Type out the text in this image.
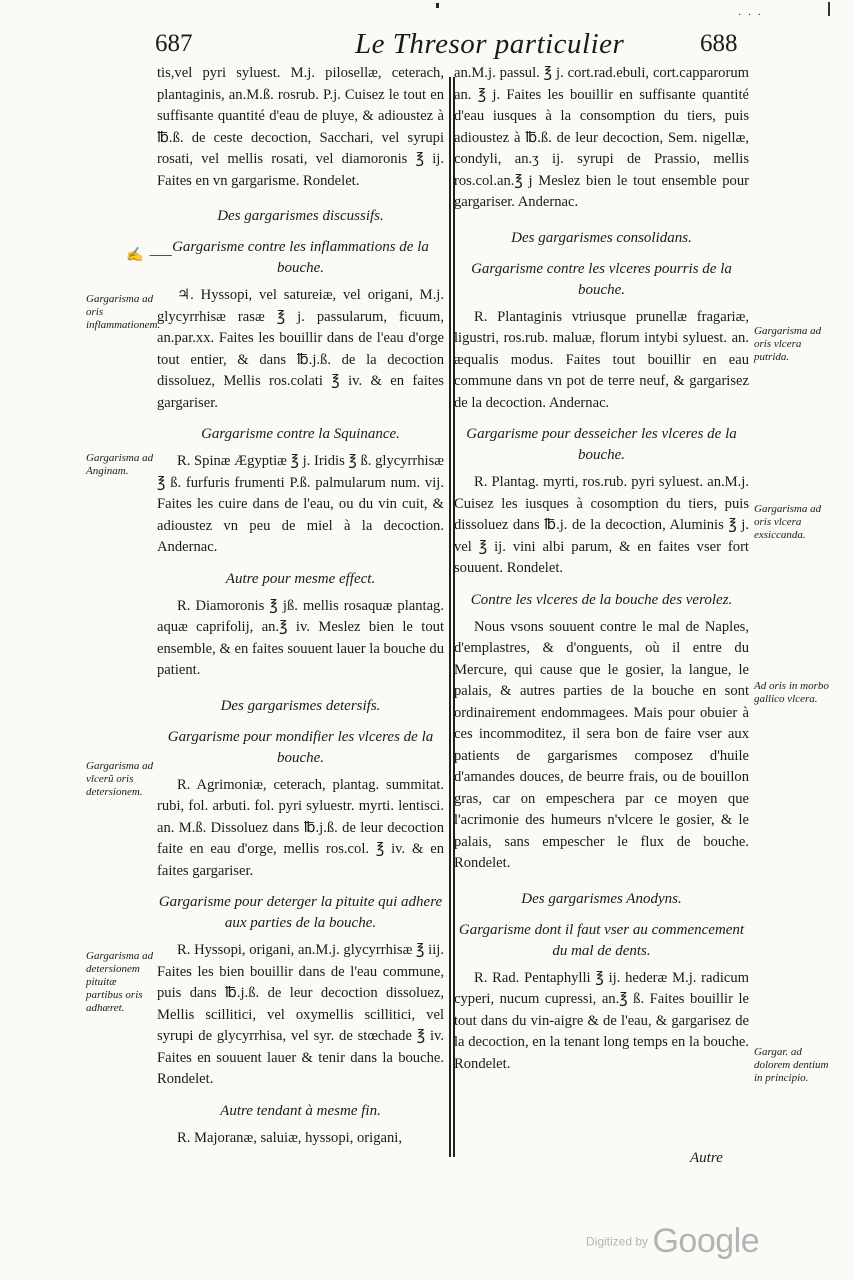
· · ·
687	Le Thresor particulier	688
✍ ⸺

tis,vel pyri syluest. M.j. pilosellæ, ceterach, plantaginis, an.M.ß. rosrub. P.j. Cuisez le tout en suffisante quantité d'eau de pluye, & adioustez à ℔.ß. de ceste decoction, Sacchari, vel syrupi rosati, vel mellis rosati, vel diamoronis ℥ ij. Faites en vn gargarisme. Rondelet.

Des gargarismes discussifs.
Gargarisme contre les inflammations de la bouche.

♃. Hyssopi, vel satureiæ, vel origani, M.j. glycyrrhisæ rasæ ℥ j. passularum, ficuum, an.par.xx. Faites les bouillir dans de l'eau d'orge tout entier, & dans ℔.j.ß. de la decoction dissoluez, Mellis ros.colati ℥ iv. & en faites gargariser.

Gargarisme contre la Squinance.

R. Spinæ Ægyptiæ ℥ j. Iridis ℥ ß. glycyrrhisæ ℥ ß. furfuris frumenti P.ß. palmularum num. vij. Faites les cuire dans de l'eau, ou du vin cuit, & adioustez vn peu de miel à la decoction. Andernac.

Autre pour mesme effect.

R. Diamoronis ℥ jß. mellis rosaquæ plantag. aquæ caprifolij, an.℥ iv. Meslez bien le tout ensemble, & en faites souuent lauer la bouche du patient.

Des gargarismes detersifs.
Gargarisme pour mondifier les vlceres de la bouche.

R. Agrimoniæ, ceterach, plantag. summitat. rubi, fol. arbuti. fol. pyri syluestr. myrti. lentisci. an. M.ß. Dissoluez dans ℔.j.ß. de leur decoction faite en eau d'orge, mellis ros.col. ℥ iv. & en faites gargariser.

Gargarisme pour deterger la pituite qui adhere aux parties de la bouche.

R. Hyssopi, origani, an.M.j. glycyrrhisæ ℥ iij. Faites les bien bouillir dans de l'eau commune, puis dans ℔.j.ß. de leur decoction dissoluez, Mellis scillitici, vel oxymellis scillitici, vel syrupi de glycyrrhisa, vel syr. de stœchade ℥ iv. Faites en souuent lauer & tenir dans la bouche. Rondelet.

Autre tendant à mesme fin.

R. Majoranæ, saluiæ, hyssopi, origani,

an.M.j. passul. ℥ j. cort.rad.ebuli, cort.capparorum an. ℥ j. Faites les bouillir en suffisante quantité d'eau iusques à la consomption du tiers, puis adioustez à ℔.ß. de leur decoction, Sem. nigellæ, condyli, an.ʒ ij. syrupi de Prassio, mellis ros.col.an.℥ j Meslez bien le tout ensemble pour gargariser. Andernac.

Des gargarismes consolidans.
Gargarisme contre les vlceres pourris de la bouche.

R. Plantaginis vtriusque prunellæ fragariæ, ligustri, ros.rub. maluæ, florum intybi syluest. an. æqualis modus. Faites tout bouillir en eau commune dans vn pot de terre neuf, & gargarisez de la decoction. Andernac.

Gargarisme pour desseicher les vlceres de la bouche.

R. Plantag. myrti, ros.rub. pyri syluest. an.M.j. Cuisez les iusques à cosomption du tiers, puis dissoluez dans ℔.j. de la decoction, Aluminis ℥ j. vel ℥ ij. vini albi parum, & en faites vser fort souuent. Rondelet.

Contre les vlceres de la bouche des verolez.

Nous vsons souuent contre le mal de Naples, d'emplastres, & d'onguents, où il entre du Mercure, qui cause que le gosier, la langue, le palais, & autres parties de la bouche en sont ordinairement endommagees. Mais pour obuier à ces incommoditez, il sera bon de faire vser aux patients de gargarismes composez d'huile d'amandes douces, de beurre frais, ou de bouillon gras, car on empeschera par ce moyen que l'acrimonie des humeurs n'vlcere le gosier, & le palais, sans empescher le flux de bouche. Rondelet.

Des gargarismes Anodyns.
Gargarisme dont il faut vser au commencement du mal de dents.

R. Rad. Pentaphylli ℥ ij. hederæ M.j. radicum cyperi, nucum cupressi, an.℥ ß. Faites bouillir le tout dans du vin-aigre & de l'eau, & gargarisez de la decoction, en la tenant long temps en la bouche. Rondelet.

Gargarisma ad oris inflammationem.
Gargarisma ad Anginam.
Gargarisma ad vlcerũ oris detersionem.
Gargarisma ad detersionem pituitæ partibus oris adhæret.
Gargarisma ad oris vlcera putrida.
Gargarisma ad oris vlcera exsiccanda.
Ad oris in morbo gallico vlcera.
Gargar. ad dolorem dentium in principio.
Autre
Digitized by Google
